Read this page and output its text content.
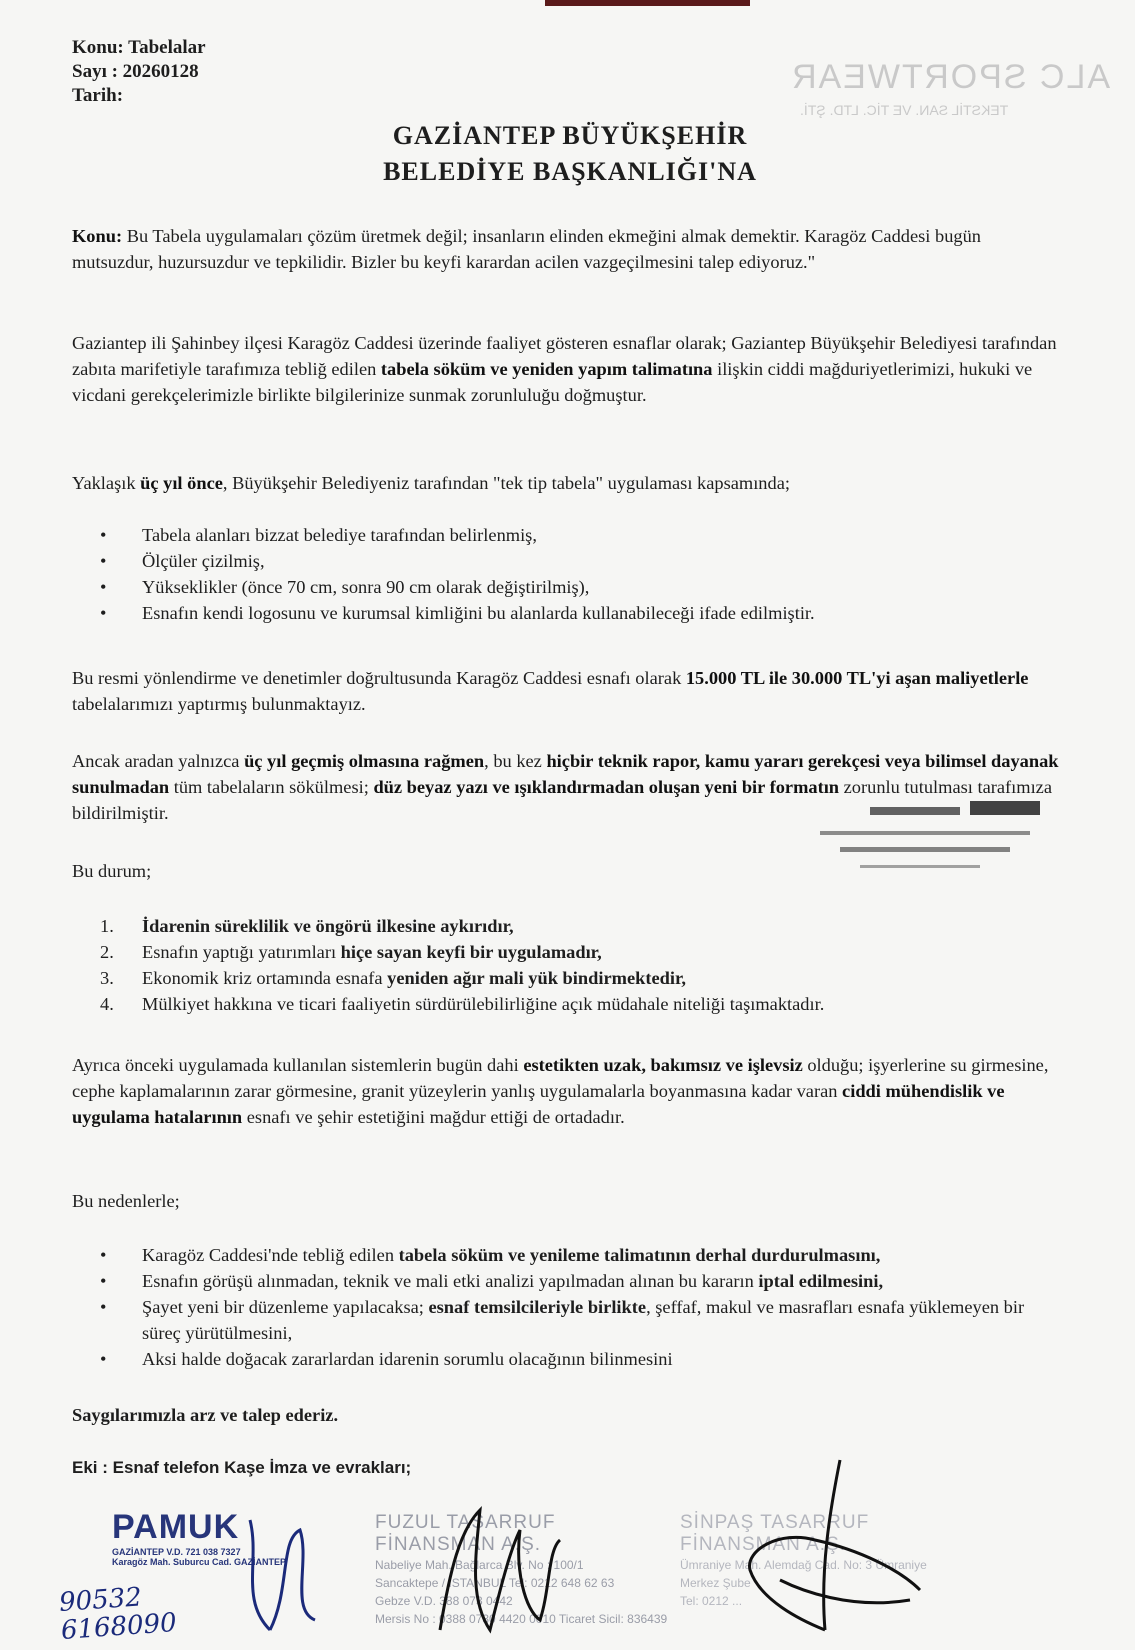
ALC SPORTWEAR
TEKSTİL SAN. VE TİC. LTD. ŞTİ.
Konu: Tabelalar
Sayı : 20260128
Tarih:
GAZİANTEP BÜYÜKŞEHİR
BELEDİYE BAŞKANLIĞI'NA
Konu: Bu Tabela uygulamaları çözüm üretmek değil; insanların elinden ekmeğini almak demektir. Karagöz Caddesi bugün mutsuzdur, huzursuzdur ve tepkilidir. Bizler bu keyfi karardan acilen vazgeçilmesini talep ediyoruz."
Gaziantep ili Şahinbey ilçesi Karagöz Caddesi üzerinde faaliyet gösteren esnaflar olarak; Gaziantep Büyükşehir Belediyesi tarafından zabıta marifetiyle tarafımıza tebliğ edilen tabela söküm ve yeniden yapım talimatına ilişkin ciddi mağduriyetlerimizi, hukuki ve vicdani gerekçelerimizle birlikte bilgilerinize sunmak zorunluluğu doğmuştur.
Yaklaşık üç yıl önce, Büyükşehir Belediyeniz tarafından "tek tip tabela" uygulaması kapsamında;
•	Tabela alanları bizzat belediye tarafından belirlenmiş,
•	Ölçüler çizilmiş,
•	Yükseklikler (önce 70 cm, sonra 90 cm olarak değiştirilmiş),
•	Esnafın kendi logosunu ve kurumsal kimliğini bu alanlarda kullanabileceği ifade edilmiştir.
Bu resmi yönlendirme ve denetimler doğrultusunda Karagöz Caddesi esnafı olarak 15.000 TL ile 30.000 TL'yi aşan maliyetlerle tabelalarımızı yaptırmış bulunmaktayız.
Ancak aradan yalnızca üç yıl geçmiş olmasına rağmen, bu kez hiçbir teknik rapor, kamu yararı gerekçesi veya bilimsel dayanak sunulmadan tüm tabelaların sökülmesi; düz beyaz yazı ve ışıklandırmadan oluşan yeni bir formatın zorunlu tutulması tarafımıza bildirilmiştir.
Bu durum;
1.	İdarenin süreklilik ve öngörü ilkesine aykırıdır,
2.	Esnafın yaptığı yatırımları hiçe sayan keyfi bir uygulamadır,
3.	Ekonomik kriz ortamında esnafa yeniden ağır mali yük bindirmektedir,
4.	Mülkiyet hakkına ve ticari faaliyetin sürdürülebilirliğine açık müdahale niteliği taşımaktadır.
Ayrıca önceki uygulamada kullanılan sistemlerin bugün dahi estetikten uzak, bakımsız ve işlevsiz olduğu; işyerlerine su girmesine, cephe kaplamalarının zarar görmesine, granit yüzeylerin yanlış uygulamalarla boyanmasına kadar varan ciddi mühendislik ve uygulama hatalarının esnafı ve şehir estetiğini mağdur ettiği de ortadadır.
Bu nedenlerle;
•	Karagöz Caddesi'nde tebliğ edilen tabela söküm ve yenileme talimatının derhal durdurulmasını,
•	Esnafın görüşü alınmadan, teknik ve mali etki analizi yapılmadan alınan bu kararın iptal edilmesini,
•	Şayet yeni bir düzenleme yapılacaksa; esnaf temsilcileriyle birlikte, şeffaf, makul ve masrafları esnafa yüklemeyen bir süreç yürütülmesini,
•	Aksi halde doğacak zararlardan idarenin sorumlu olacağının bilinmesini
Saygılarımızla arz ve talep ederiz.
Eki : Esnaf telefon Kaşe İmza ve evrakları;
PAMUK
GAZİANTEP V.D. 721 038 7327
Karagöz Mah. Suburcu Cad. GAZİANTEP
90532
6168090
FUZUL TASARRUF FİNANSMAN A.Ş.
Nabeliye Mah. Bağlarca Blv. No : 100/1
Sancaktepe / İSTANBUL Tel: 0212 648 62 63
Gebze V.D. 388 073 0442
Mersis No : 0388 0730 4420 0010 Ticaret Sicil: 836439
SİNPAŞ TASARRUF FİNANSMAN A.Ş.
Ümraniye Mah. Alemdağ Cad. No: 3 Ümraniye
Merkez Şube
Tel: 0212 ...
